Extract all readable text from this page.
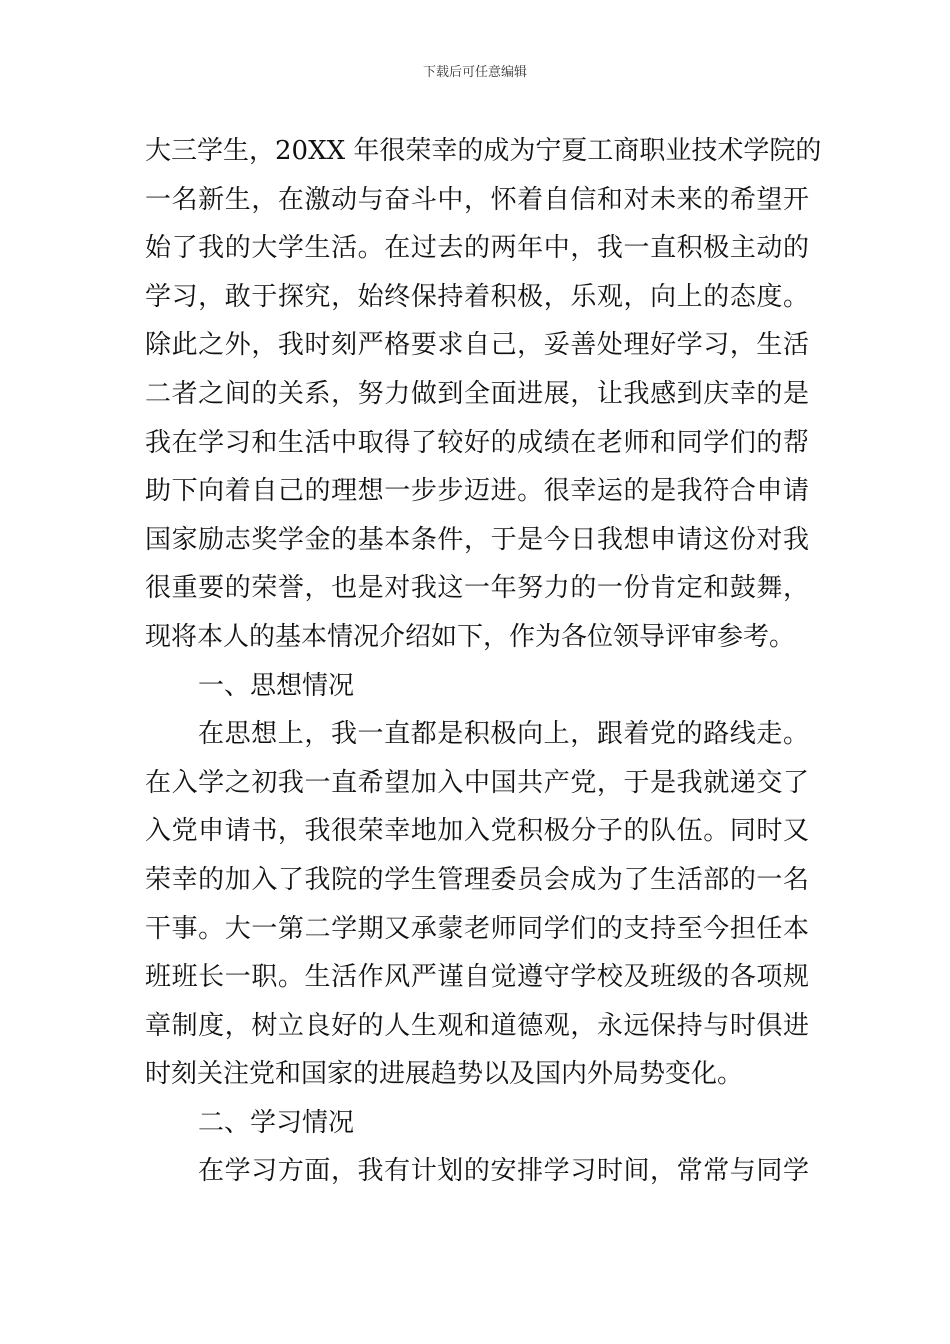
下载后可任意编辑
大三学生，20XX 年很荣幸的成为宁夏工商职业技术学院的
一名新生，在激动与奋斗中，怀着自信和对未来的希望开
始了我的大学生活。在过去的两年中，我一直积极主动的
学习，敢于探究，始终保持着积极，乐观，向上的态度。
除此之外，我时刻严格要求自己，妥善处理好学习，生活
二者之间的关系，努力做到全面进展，让我感到庆幸的是
我在学习和生活中取得了较好的成绩在老师和同学们的帮
助下向着自己的理想一步步迈进。很幸运的是我符合申请
国家励志奖学金的基本条件，于是今日我想申请这份对我
很重要的荣誉，也是对我这一年努力的一份肯定和鼓舞，
现将本人的基本情况介绍如下，作为各位领导评审参考。
一、思想情况
在思想上，我一直都是积极向上，跟着党的路线走。
在入学之初我一直希望加入中国共产党，于是我就递交了
入党申请书，我很荣幸地加入党积极分子的队伍。同时又
荣幸的加入了我院的学生管理委员会成为了生活部的一名
干事。大一第二学期又承蒙老师同学们的支持至今担任本
班班长一职。生活作风严谨自觉遵守学校及班级的各项规
章制度，树立良好的人生观和道德观，永远保持与时俱进
时刻关注党和国家的进展趋势以及国内外局势变化。
二、学习情况
在学习方面，我有计划的安排学习时间，常常与同学
